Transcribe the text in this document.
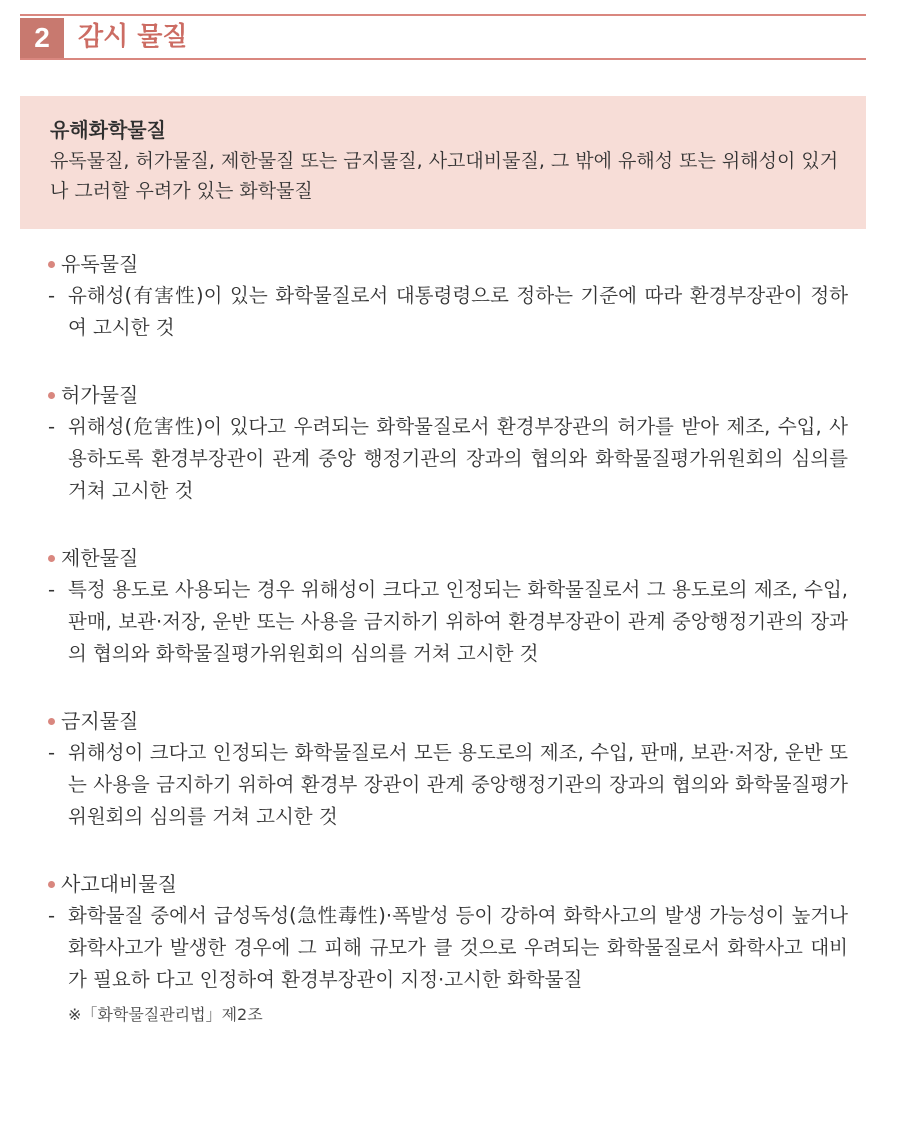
2	감시 물질
유해화학물질
유독물질, 허가물질, 제한물질 또는 금지물질, 사고대비물질, 그 밖에 유해성 또는 위해성이 있거나 그러할 우려가 있는 화학물질
유독물질
- 유해성(有害性)이 있는 화학물질로서 대통령령으로 정하는 기준에 따라 환경부장관이 정하여 고시한 것
허가물질
- 위해성(危害性)이 있다고 우려되는 화학물질로서 환경부장관의 허가를 받아 제조, 수입, 사용하도록 환경부장관이 관계 중앙 행정기관의 장과의 협의와 화학물질평가위원회의 심의를 거쳐 고시한 것
제한물질
- 특정 용도로 사용되는 경우 위해성이 크다고 인정되는 화학물질로서 그 용도로의 제조, 수입, 판매, 보관·저장, 운반 또는 사용을 금지하기 위하여 환경부장관이 관계 중앙행정기관의 장과의 협의와 화학물질평가위원회의 심의를 거쳐 고시한 것
금지물질
- 위해성이 크다고 인정되는 화학물질로서 모든 용도로의 제조, 수입, 판매, 보관·저장, 운반 또는 사용을 금지하기 위하여 환경부 장관이 관계 중앙행정기관의 장과의 협의와 화학물질평가위원회의 심의를 거쳐 고시한 것
사고대비물질
- 화학물질 중에서 급성독성(急性毒性)·폭발성 등이 강하여 화학사고의 발생 가능성이 높거나 화학사고가 발생한 경우에 그 피해 규모가 클 것으로 우려되는 화학물질로서 화학사고 대비가 필요하 다고 인정하여 환경부장관이 지정·고시한 화학물질
※「화학물질관리법」제2조
